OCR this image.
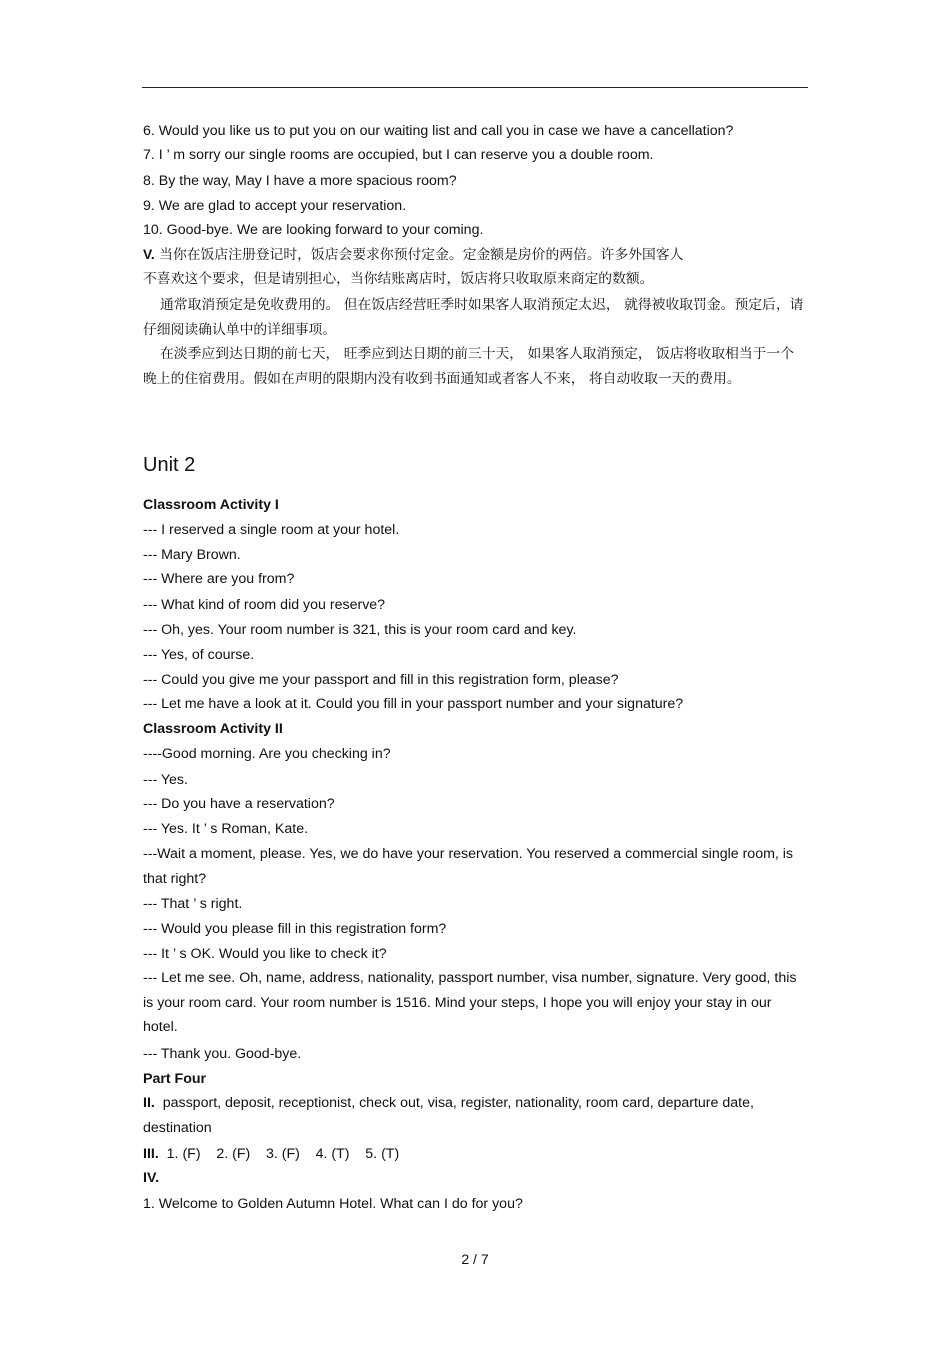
6. Would you like us to put you on our waiting list and call you in case we have a cancellation?
7. I ’ m sorry our single rooms are occupied, but I can reserve you a double room.
8. By the way, May I have a more spacious room?
9. We are glad to accept your reservation.
10. Good-bye. We are looking forward to your coming.
V. 当你在饭店注册登记时，饭店会要求你预付定金。定金额是房价的两倍。许多外国客人
不喜欢这个要求，但是请别担心，当你结账离店时，饭店将只收取原来商定的数额。
通常取消预定是免收费用的。 但在饭店经营旺季时如果客人取消预定太迟， 就得被收取罚金。预定后，请仔细阅读确认单中的详细事项。
在淡季应到达日期的前七天， 旺季应到达日期的前三十天， 如果客人取消预定， 饭店将收取相当于一个晚上的住宿费用。假如在声明的限期内没有收到书面通知或者客人不来， 将自动收取一天的费用。
Unit 2
Classroom Activity I
--- I reserved a single room at your hotel.
--- Mary Brown.
--- Where are you from?
--- What kind of room did you reserve?
--- Oh, yes. Your room number is 321, this is your room card and key.
--- Yes, of course.
--- Could you give me your passport and fill in this registration form, please?
--- Let me have a look at it. Could you fill in your passport number and your signature?
Classroom Activity II
----Good morning. Are you checking in?
--- Yes.
--- Do you have a reservation?
--- Yes. It ’ s Roman, Kate.
---Wait a moment, please. Yes, we do have your reservation. You reserved a commercial single room, is that right?
--- That ’ s right.
--- Would you please fill in this registration form?
--- It ’ s OK. Would you like to check it?
--- Let me see. Oh, name, address, nationality, passport number, visa number, signature. Very good, this is your room card. Your room number is 1516. Mind your steps, I hope you will enjoy your stay in our hotel.
--- Thank you. Good-bye.
Part Four
II. passport, deposit, receptionist, check out, visa, register, nationality, room card, departure date, destination
III. 1. (F)    2. (F)    3. (F)    4. (T)    5. (T)
IV.
1. Welcome to Golden Autumn Hotel. What can I do for you?
2 / 7
